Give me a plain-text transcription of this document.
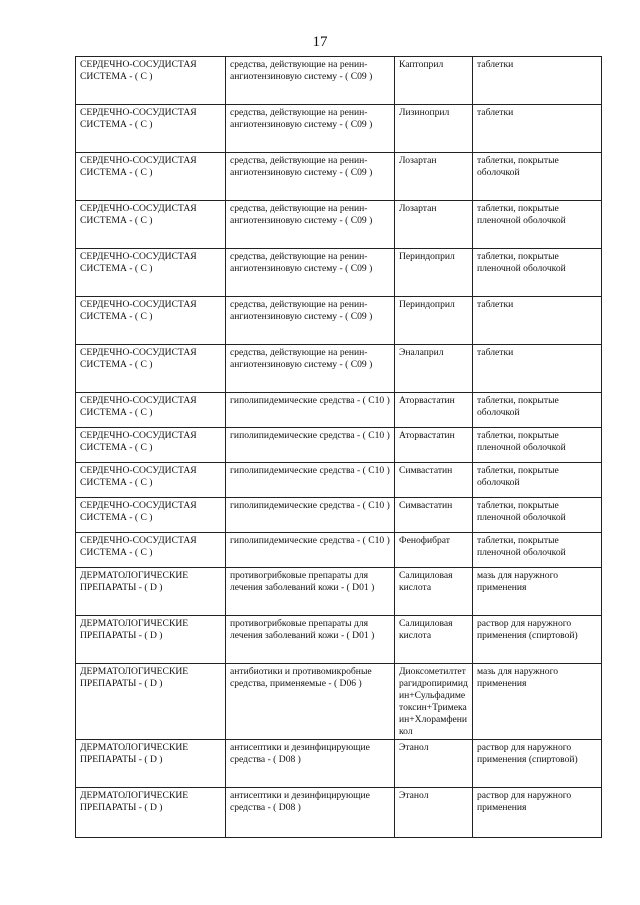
17
СЕРДЕЧНО-СОСУДИСТАЯ СИСТЕМА - ( С )	средства, действующие на ренин-ангиотензиновую систему - ( С09 )	Каптоприл	таблетки
СЕРДЕЧНО-СОСУДИСТАЯ СИСТЕМА - ( С )	средства, действующие на ренин-ангиотензиновую систему - ( С09 )	Лизиноприл	таблетки
СЕРДЕЧНО-СОСУДИСТАЯ СИСТЕМА - ( С )	средства, действующие на ренин-ангиотензиновую систему - ( С09 )	Лозартан	таблетки, покрытые оболочкой
СЕРДЕЧНО-СОСУДИСТАЯ СИСТЕМА - ( С )	средства, действующие на ренин-ангиотензиновую систему - ( С09 )	Лозартан	таблетки, покрытые пленочной оболочкой
СЕРДЕЧНО-СОСУДИСТАЯ СИСТЕМА - ( С )	средства, действующие на ренин-ангиотензиновую систему - ( С09 )	Периндоприл	таблетки, покрытые пленочной оболочкой
СЕРДЕЧНО-СОСУДИСТАЯ СИСТЕМА - ( С )	средства, действующие на ренин-ангиотензиновую систему - ( С09 )	Периндоприл	таблетки
СЕРДЕЧНО-СОСУДИСТАЯ СИСТЕМА - ( С )	средства, действующие на ренин-ангиотензиновую систему - ( С09 )	Эналаприл	таблетки
СЕРДЕЧНО-СОСУДИСТАЯ СИСТЕМА - ( С )	гиполипидемические средства - ( С10 )	Аторвастатин	таблетки, покрытые оболочкой
СЕРДЕЧНО-СОСУДИСТАЯ СИСТЕМА - ( С )	гиполипидемические средства - ( С10 )	Аторвастатин	таблетки, покрытые пленочной оболочкой
СЕРДЕЧНО-СОСУДИСТАЯ СИСТЕМА - ( С )	гиполипидемические средства - ( С10 )	Симвастатин	таблетки, покрытые оболочкой
СЕРДЕЧНО-СОСУДИСТАЯ СИСТЕМА - ( С )	гиполипидемические средства - ( С10 )	Симвастатин	таблетки, покрытые пленочной оболочкой
СЕРДЕЧНО-СОСУДИСТАЯ СИСТЕМА - ( С )	гиполипидемические средства - ( С10 )	Фенофибрат	таблетки, покрытые пленочной оболочкой
ДЕРМАТОЛОГИЧЕСКИЕ ПРЕПАРАТЫ - ( D )	противогрибковые препараты для лечения заболеваний кожи - ( D01 )	Салициловая кислота	мазь для наружного применения
ДЕРМАТОЛОГИЧЕСКИЕ ПРЕПАРАТЫ - ( D )	противогрибковые препараты для лечения заболеваний кожи - ( D01 )	Салициловая кислота	раствор для наружного применения (спиртовой)
ДЕРМАТОЛОГИЧЕСКИЕ ПРЕПАРАТЫ - ( D )	антибиотики и противомикробные средства, применяемые - ( D06 )	Диоксометилтетрагидропиримидин+Сульфадиметоксин+Тримекаин+Хлорамфеникол	мазь для наружного применения
ДЕРМАТОЛОГИЧЕСКИЕ ПРЕПАРАТЫ - ( D )	антисептики и дезинфицирующие средства - ( D08 )	Этанол	раствор для наружного применения (спиртовой)
ДЕРМАТОЛОГИЧЕСКИЕ ПРЕПАРАТЫ - ( D )	антисептики и дезинфицирующие средства - ( D08 )	Этанол	раствор для наружного применения
